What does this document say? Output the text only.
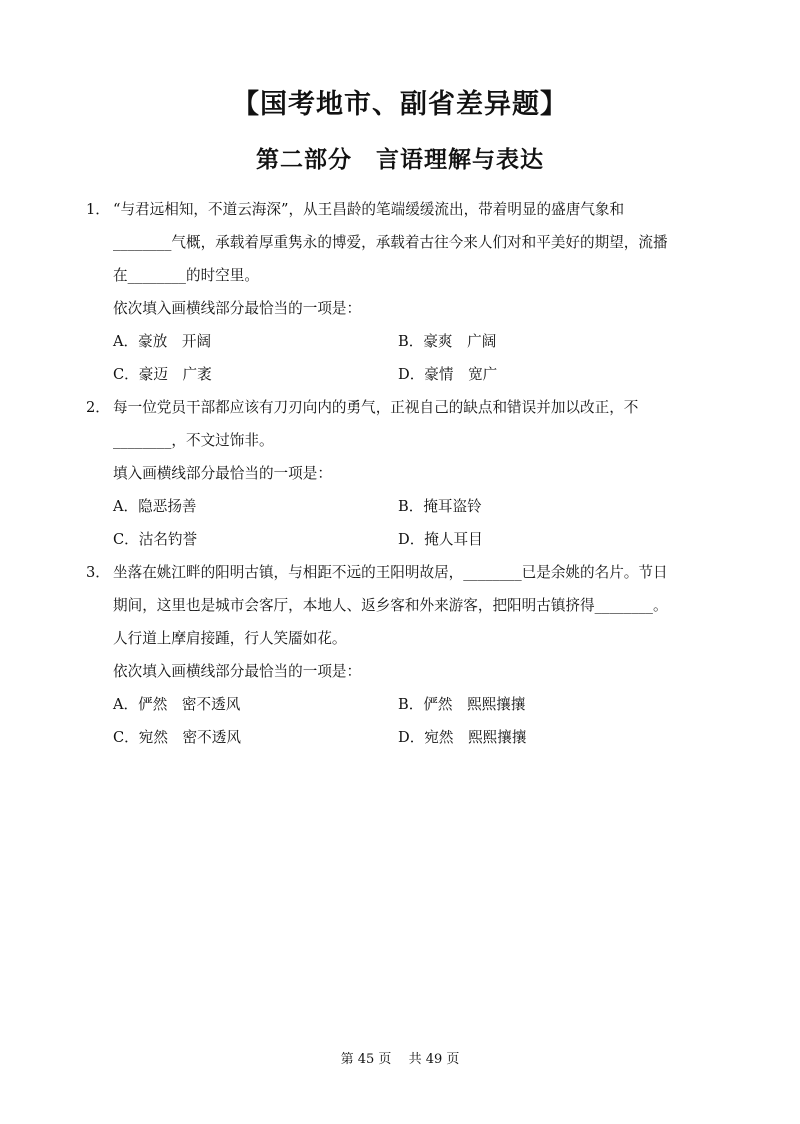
【国考地市、副省差异题】
第二部分　言语理解与表达
1． “与君远相知，不道云海深”，从王昌龄的笔端缓缓流出，带着明显的盛唐气象和
________气概，承载着厚重隽永的博爱，承载着古往今来人们对和平美好的期望，流播
在________的时空里。
依次填入画横线部分最恰当的一项是：
A．豪放　开阔	B．豪爽　广阔
C．豪迈　广袤	D．豪情　宽广
2． 每一位党员干部都应该有刀刃向内的勇气，正视自己的缺点和错误并加以改正，不
________，不文过饰非。
填入画横线部分最恰当的一项是：
A．隐恶扬善	B．掩耳盗铃
C．沽名钓誉	D．掩人耳目
3． 坐落在姚江畔的阳明古镇，与相距不远的王阳明故居，________已是余姚的名片。节日
期间，这里也是城市会客厅，本地人、返乡客和外来游客，把阳明古镇挤得________。
人行道上摩肩接踵，行人笑靥如花。
依次填入画横线部分最恰当的一项是：
A．俨然　密不透风	B．俨然　熙熙攘攘
C．宛然　密不透风	D．宛然　熙熙攘攘
第 45 页　 共 49 页
